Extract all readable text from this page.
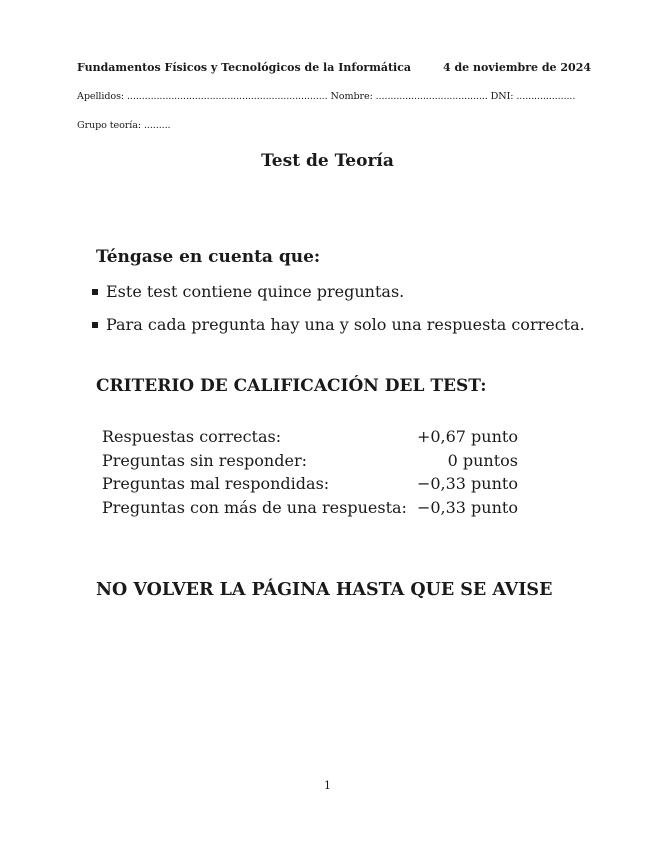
Fundamentos Físicos y Tecnológicos de la Informática	4 de noviembre de 2024
Apellidos: .................................................................... Nombre: ...................................... DNI: ....................
Grupo teoría: .........
Test de Teoría
Téngase en cuenta que:
Este test contiene quince preguntas.
Para cada pregunta hay una y solo una respuesta correcta.
CRITERIO DE CALIFICACIÓN DEL TEST:
Respuestas correctas:	+0,67 punto
Preguntas sin responder:	0 puntos
Preguntas mal respondidas:	−0,33 punto
Preguntas con más de una respuesta:	−0,33 punto
NO VOLVER LA PÁGINA HASTA QUE SE AVISE
1
